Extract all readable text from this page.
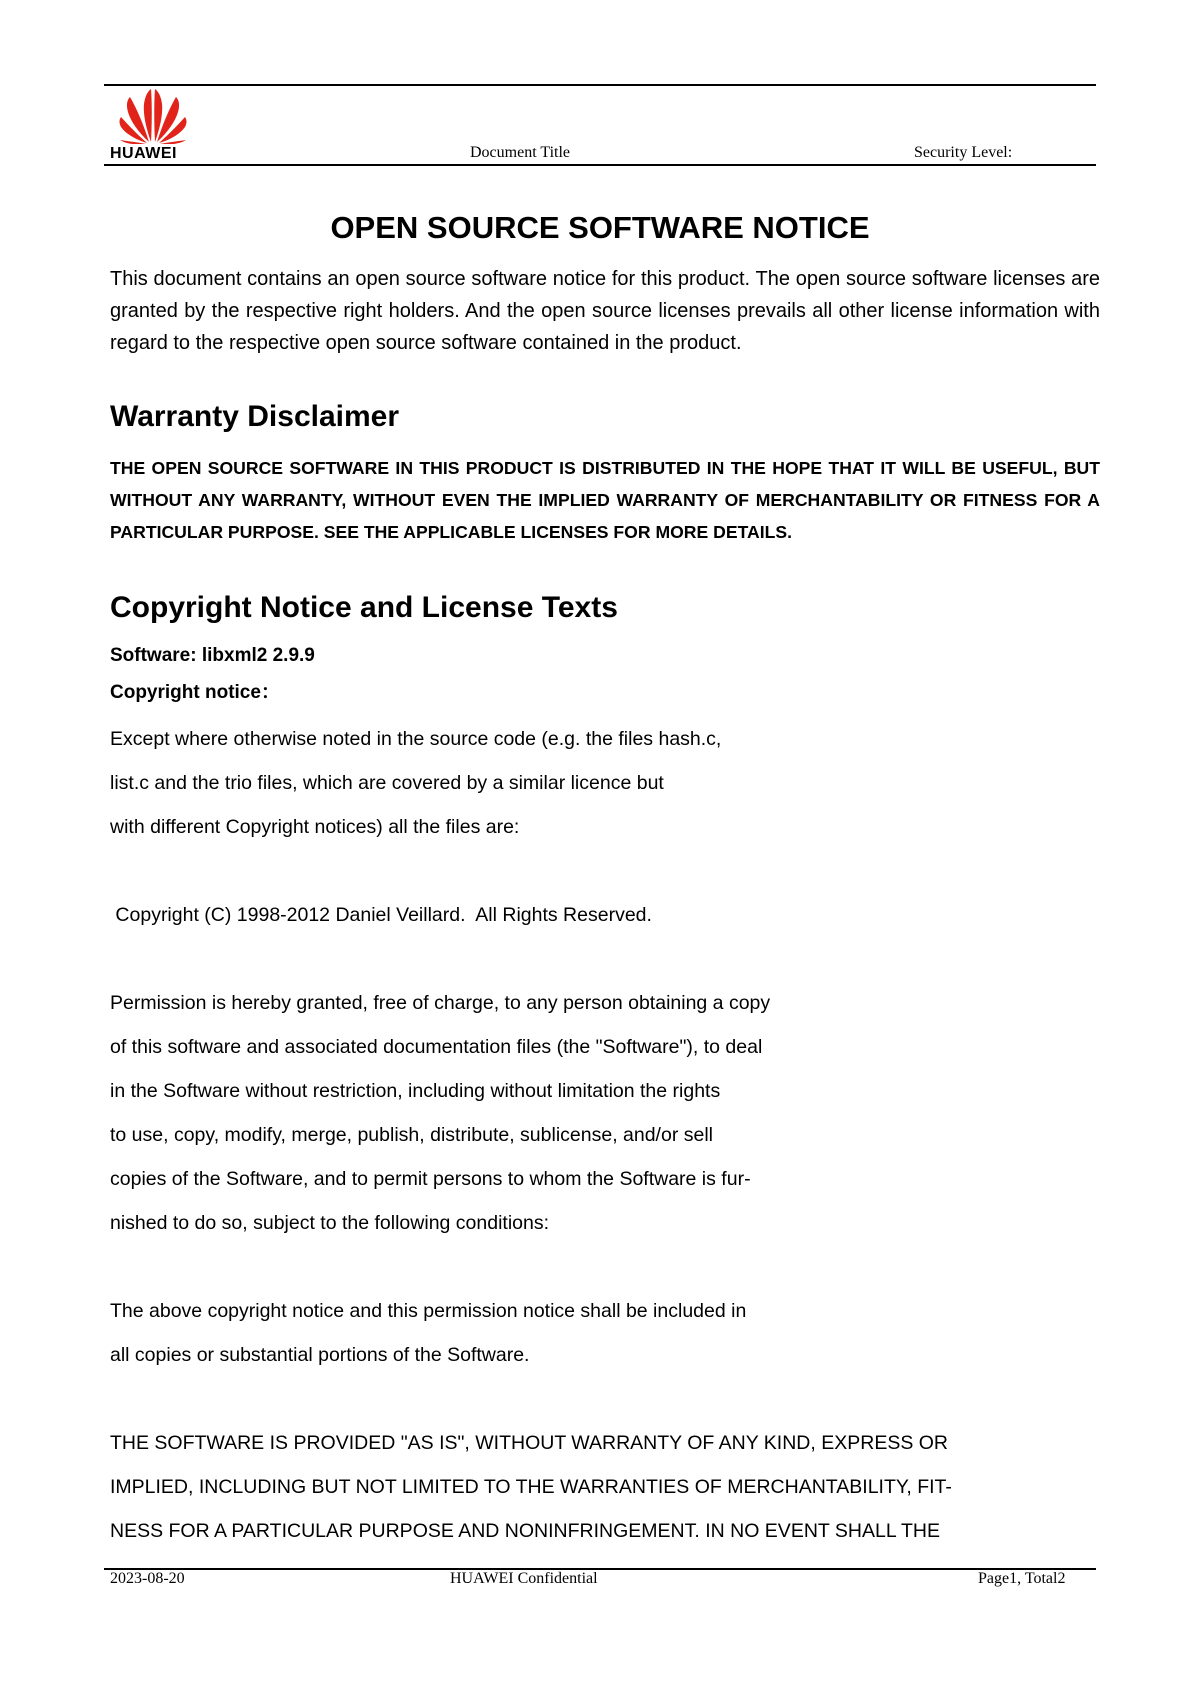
HUAWEI	Document Title	Security Level:
OPEN SOURCE SOFTWARE NOTICE

This document contains an open source software notice for this product. The open source software licenses are granted by the respective right holders. And the open source licenses prevails all other license information with regard to the respective open source software contained in the product.

Warranty Disclaimer

THE OPEN SOURCE SOFTWARE IN THIS PRODUCT IS DISTRIBUTED IN THE HOPE THAT IT WILL BE USEFUL, BUT WITHOUT ANY WARRANTY, WITHOUT EVEN THE IMPLIED WARRANTY OF MERCHANTABILITY OR FITNESS FOR A PARTICULAR PURPOSE. SEE THE APPLICABLE LICENSES FOR MORE DETAILS.

Copyright Notice and License Texts
Software: libxml2 2.9.9
Copyright notice：
Except where otherwise noted in the source code (e.g. the files hash.c,
list.c and the trio files, which are covered by a similar licence but
with different Copyright notices) all the files are:
Copyright (C) 1998-2012 Daniel Veillard.  All Rights Reserved.
Permission is hereby granted, free of charge, to any person obtaining a copy
of this software and associated documentation files (the "Software"), to deal
in the Software without restriction, including without limitation the rights
to use, copy, modify, merge, publish, distribute, sublicense, and/or sell
copies of the Software, and to permit persons to whom the Software is fur-
nished to do so, subject to the following conditions:
The above copyright notice and this permission notice shall be included in
all copies or substantial portions of the Software.
THE SOFTWARE IS PROVIDED "AS IS", WITHOUT WARRANTY OF ANY KIND, EXPRESS OR
IMPLIED, INCLUDING BUT NOT LIMITED TO THE WARRANTIES OF MERCHANTABILITY, FIT-
NESS FOR A PARTICULAR PURPOSE AND NONINFRINGEMENT. IN NO EVENT SHALL THE
2023-08-20	HUAWEI Confidential	Page1, Total2
